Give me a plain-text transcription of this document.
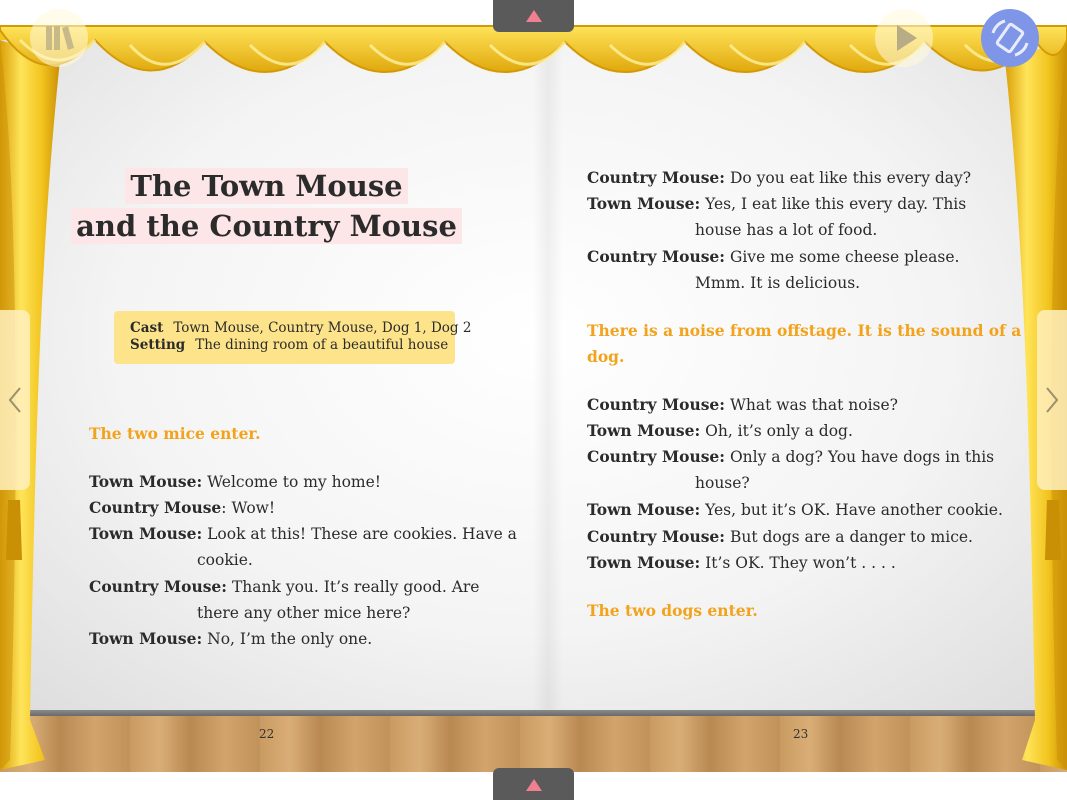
The Town Mouse
and the Country Mouse
Cast Town Mouse, Country Mouse, Dog 1, Dog 2
Setting The dining room of a beautiful house
The two mice enter.
Town Mouse: Welcome to my home!
Country Mouse: Wow!
Town Mouse: Look at this! These are cookies. Have a
cookie.
Country Mouse: Thank you. It’s really good. Are
there any other mice here?
Town Mouse: No, I’m the only one.
22
Country Mouse: Do you eat like this every day?
Town Mouse: Yes, I eat like this every day. This
house has a lot of food.
Country Mouse: Give me some cheese please.
Mmm. It is delicious.
There is a noise from offstage. It is the sound of a
dog.
Country Mouse: What was that noise?
Town Mouse: Oh, it’s only a dog.
Country Mouse: Only a dog? You have dogs in this
house?
Town Mouse: Yes, but it’s OK. Have another cookie.
Country Mouse: But dogs are a danger to mice.
Town Mouse: It’s OK. They won’t . . . .
The two dogs enter.
23
